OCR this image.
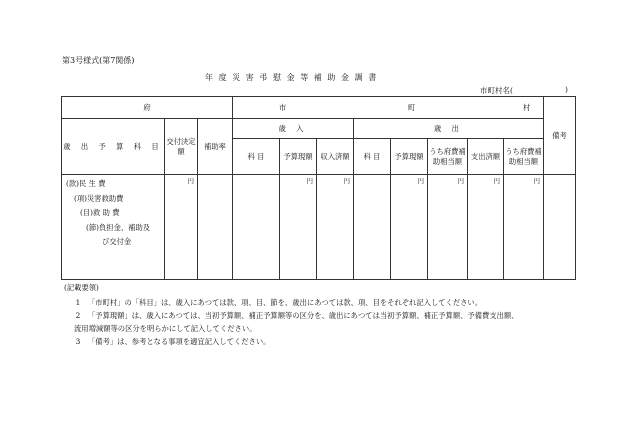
第3号様式(第7関係)
年度災害弔慰金等補助金調書
市町村名(	)
府			市 町 村								備考
歳 出 予 算 科 目	交付決定額	補助率	歳 入			歳 出					
			科 目	予算現額	収入済額	科 目	予算現額	うち府費補助相当額	支出済額	うち府費補助相当額	

(款)民 生 費
(項)災害救助費
(目)救 助 費
(節)負担金、補助及
び交付金	円			円	円		円	円	円	円	

(記載要領)
1	「市町村」の「科目」は、歳入にあつては款、項、目、節を、歳出にあつては款、項、目をそれぞれ記入してください。
2	「予算現額」は、歳入にあつては、当初予算額、補正予算額等の区分を、歳出にあつては当初予算額、補正予算額、予備費支出額、
流用増減額等の区分を明らかにして記入してください。
3	「備考」は、参考となる事項を適宜記入してください。
